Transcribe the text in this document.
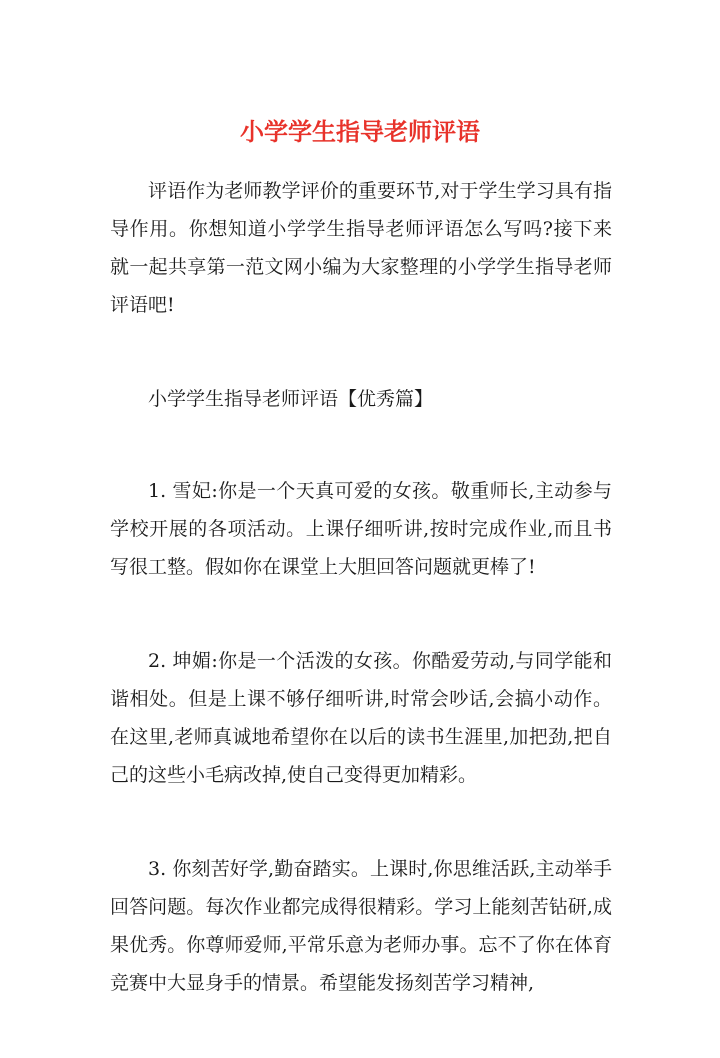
小学学生指导老师评语

评语作为老师教学评价的重要环节,对于学生学习具有指导作用。你想知道小学学生指导老师评语怎么写吗?接下来就一起共享第一范文网小编为大家整理的小学学生指导老师评语吧!

小学学生指导老师评语【优秀篇】

1. 雪妃:你是一个天真可爱的女孩。敬重师长,主动参与学校开展的各项活动。上课仔细听讲,按时完成作业,而且书写很工整。假如你在课堂上大胆回答问题就更棒了!

2. 坤媚:你是一个活泼的女孩。你酷爱劳动,与同学能和谐相处。但是上课不够仔细听讲,时常会吵话,会搞小动作。在这里,老师真诚地希望你在以后的读书生涯里,加把劲,把自己的这些小毛病改掉,使自己变得更加精彩。

3. 你刻苦好学,勤奋踏实。上课时,你思维活跃,主动举手回答问题。每次作业都完成得很精彩。学习上能刻苦钻研,成果优秀。你尊师爱师,平常乐意为老师办事。忘不了你在体育竞赛中大显身手的情景。希望能发扬刻苦学习精神,
